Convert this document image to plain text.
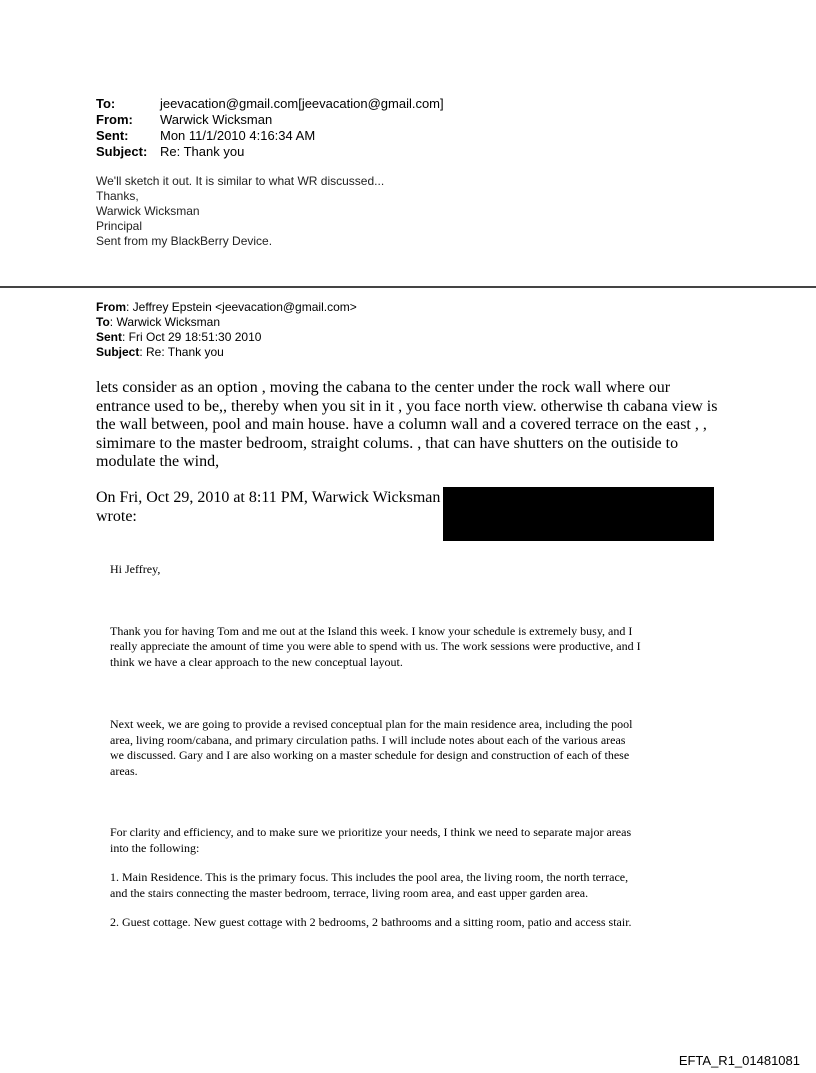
To:	jeevacation@gmail.com[jeevacation@gmail.com]
From:	Warwick Wicksman
Sent:	Mon 11/1/2010 4:16:34 AM
Subject: Re: Thank you
We'll sketch it out. It is similar to what WR discussed...
Thanks,
Warwick Wicksman
Principal
Sent from my BlackBerry Device.
From: Jeffrey Epstein <jeevacation@gmail.com>
To: Warwick Wicksman
Sent: Fri Oct 29 18:51:30 2010
Subject: Re: Thank you
lets consider as an option , moving the cabana to the center under the rock wall where our
entrance used to be,, thereby when you sit in it , you face north view. otherwise th cabana view is
the wall between, pool and main house. have a column wall and a covered terrace on the east , ,
simimare to the master bedroom, straight colums. , that can have shutters on the outiside to
modulate the wind,
On Fri, Oct 29, 2010 at 8:11 PM, Warwick Wicksman
wrote:
Hi Jeffrey,
Thank you for having Tom and me out at the Island this week. I know your schedule is extremely busy, and I
really appreciate the amount of time you were able to spend with us. The work sessions were productive, and I
think we have a clear approach to the new conceptual layout.
Next week, we are going to provide a revised conceptual plan for the main residence area, including the pool
area, living room/cabana, and primary circulation paths. I will include notes about each of the various areas
we discussed. Gary and I are also working on a master schedule for design and construction of each of these
areas.
For clarity and efficiency, and to make sure we prioritize your needs, I think we need to separate major areas
into the following:
1. Main Residence. This is the primary focus. This includes the pool area, the living room, the north terrace,
and the stairs connecting the master bedroom, terrace, living room area, and east upper garden area.
2. Guest cottage. New guest cottage with 2 bedrooms, 2 bathrooms and a sitting room, patio and access stair.
EFTA_R1_01481081
